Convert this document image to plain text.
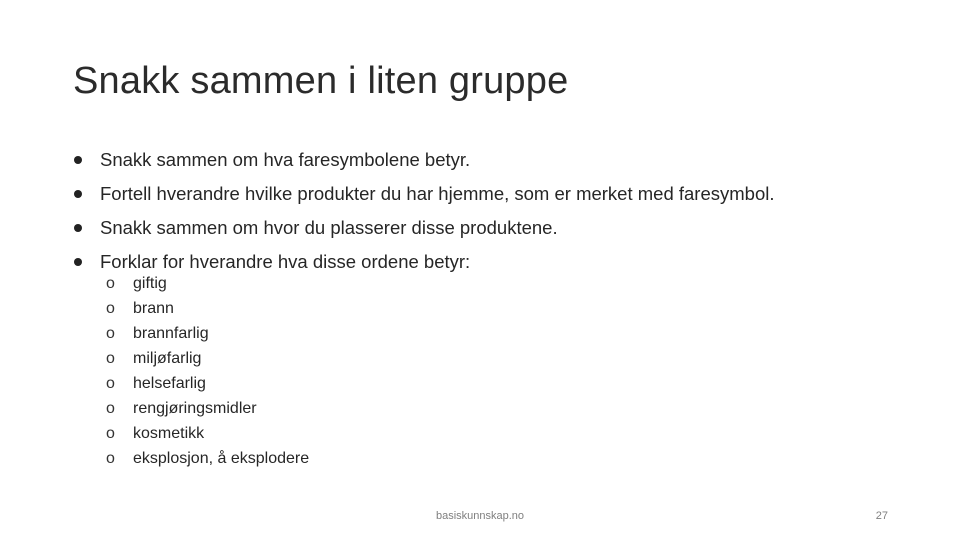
Snakk sammen i liten gruppe
Snakk sammen om hva faresymbolene betyr.
Fortell hverandre hvilke produkter du har hjemme, som er merket med faresymbol.
Snakk sammen om hvor du plasserer disse produktene.
Forklar for hverandre hva disse ordene betyr:
o giftig
o brann
o brannfarlig
o miljøfarlig
o helsefarlig
o rengjøringsmidler
o kosmetikk
o eksplosjon, å eksplodere
basiskunnskap.no	27
